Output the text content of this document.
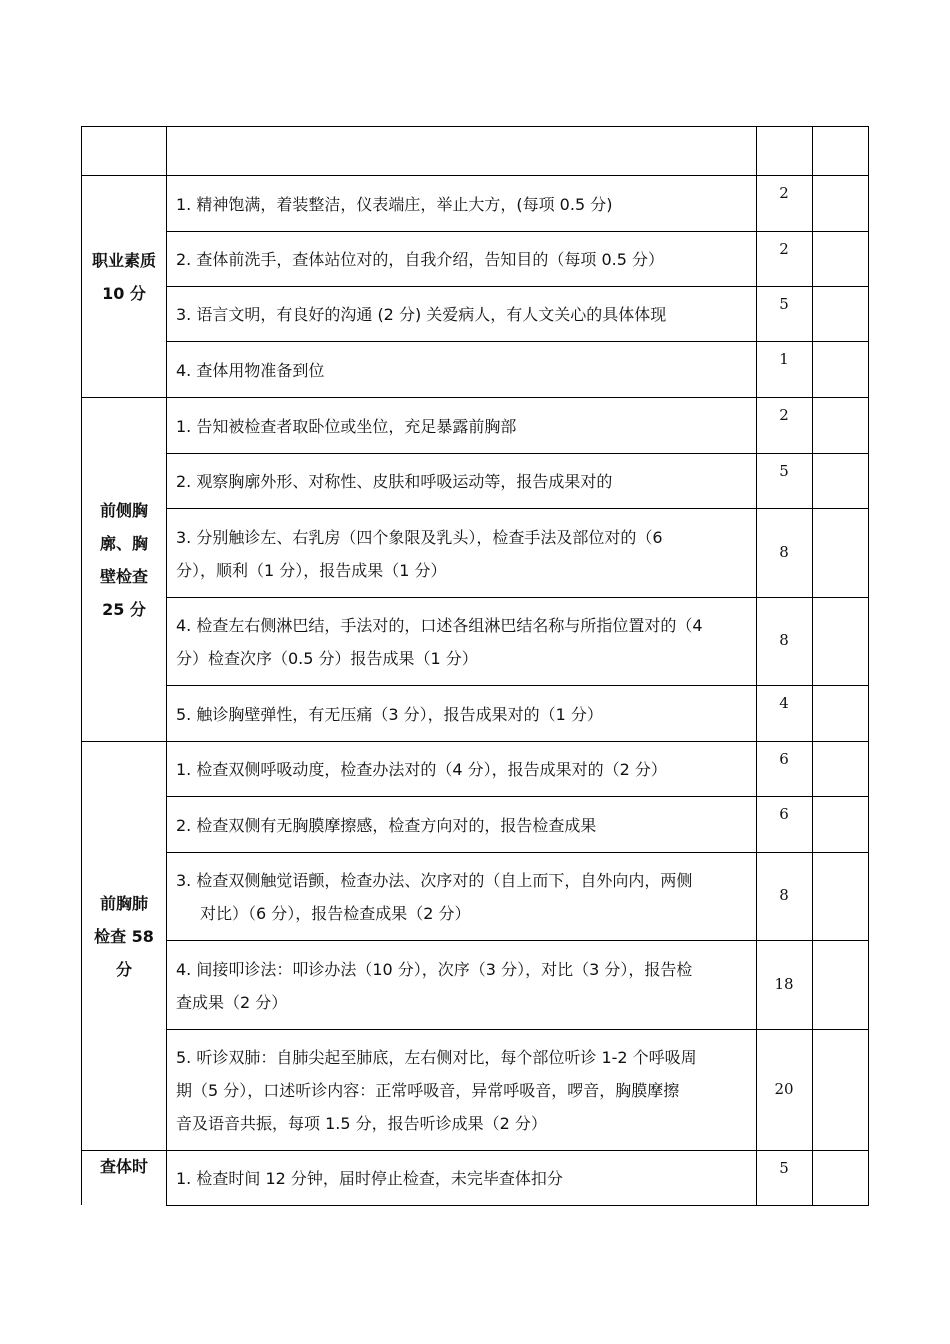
职业素质
10 分
1. 精神饱满，着装整洁，仪表端庄，举止大方，(每项 0.5 分)
2
2. 查体前洗手，查体站位对的，自我介绍，告知目的（每项 0.5 分）
2
3. 语言文明，有良好的沟通 (2 分) 关爱病人，有人文关心的具体体现
5
4. 查体用物准备到位
1
前侧胸
廓、胸
壁检查
25 分
1. 告知被检查者取卧位或坐位，充足暴露前胸部
2
2. 观察胸廓外形、对称性、皮肤和呼吸运动等，报告成果对的
5
3. 分别触诊左、右乳房（四个象限及乳头），检查手法及部位对的（6
分），顺利（1 分），报告成果（1 分）
8
4. 检查左右侧淋巴结，手法对的，口述各组淋巴结名称与所指位置对的（4
分）检查次序（0.5 分）报告成果（1 分）
8
5. 触诊胸壁弹性，有无压痛（3 分），报告成果对的（1 分）
4
前胸肺
检查 58
分
1. 检查双侧呼吸动度，检查办法对的（4 分），报告成果对的（2 分）
6
2. 检查双侧有无胸膜摩擦感，检查方向对的，报告检查成果
6
3. 检查双侧触觉语颤，检查办法、次序对的（自上而下，自外向内，两侧
对比）（6 分），报告检查成果（2 分）
8
4. 间接叩诊法：叩诊办法（10 分），次序（3 分），对比（3 分），报告检
查成果（2 分）
18
5. 听诊双肺：自肺尖起至肺底，左右侧对比，每个部位听诊 1-2 个呼吸周
期（5 分），口述听诊内容：正常呼吸音，异常呼吸音，啰音，胸膜摩擦
音及语音共振，每项 1.5 分，报告听诊成果（2 分）
20
查体时
1. 检查时间 12 分钟，届时停止检查，未完毕查体扣分
5
